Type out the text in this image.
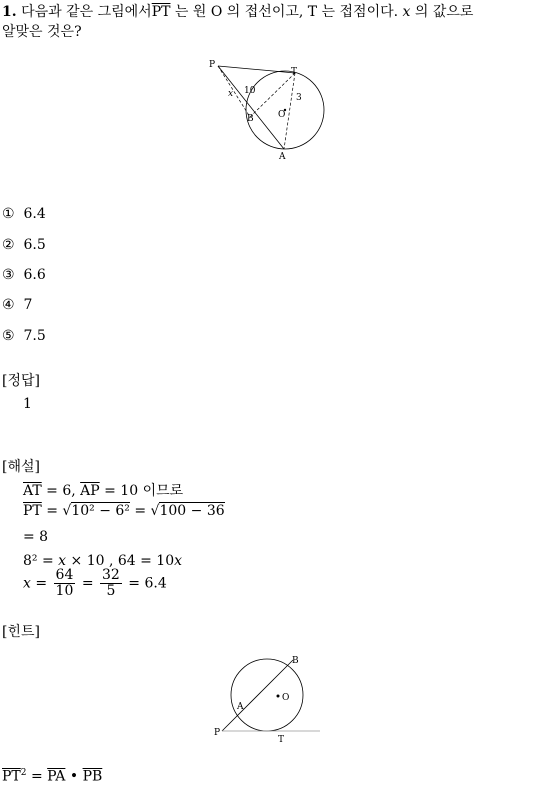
1. 다음과 같은 그림에서$\overline{PT}$ 는 원 O 의 접선이고, T 는 접점이다. x 의 값으로
알맞은 것은?
P
T
O
B
A
x 10
3
① 6.4
② 6.5
③ 6.6
④ 7
⑤ 7.5
[정답]
1
[해설]
$\overline{AT} = 6$, $\overline{AP} = 10$ 이므로
$\overline{PT} = √10^2 - 6^2 = √100 - 36$
= 8
8² = x × 10 , 64 = 10x
$x = \frac{64}{10} = \frac{32}{5} = 6.4$
[힌트]
B
A
O
P
T
$\overline{PT}^2 = \overline{PA}$ • $\overline{PB}$
